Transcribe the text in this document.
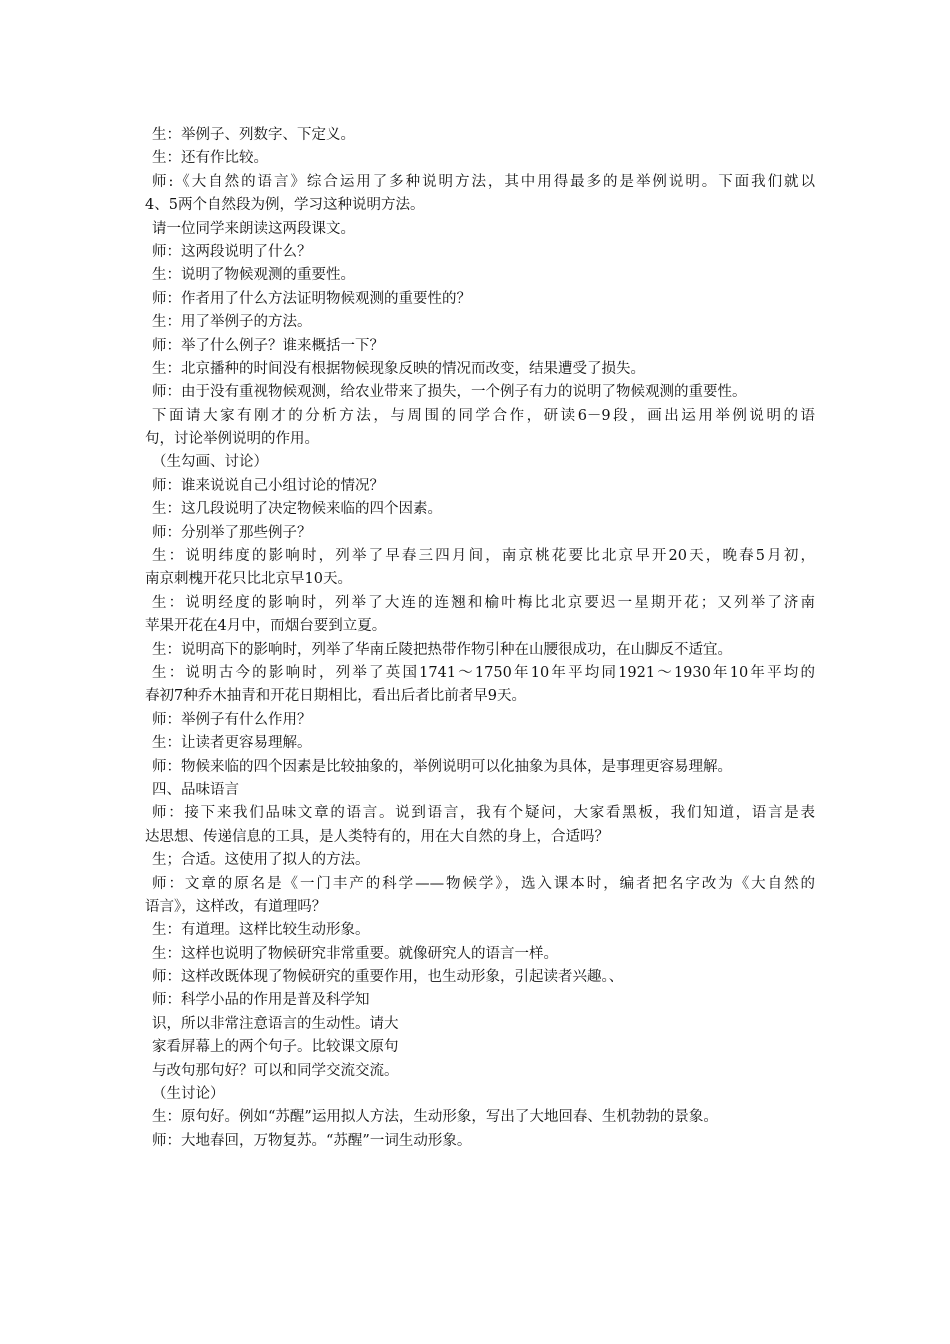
生：举例子、列数字、下定义。
生：还有作比较。
师:《大自然的语言》综合运用了多种说明方法，其中用得最多的是举例说明。下面我们就以
4、5两个自然段为例，学习这种说明方法。
请一位同学来朗读这两段课文。
师：这两段说明了什么？
生：说明了物候观测的重要性。
师：作者用了什么方法证明物候观测的重要性的？
生：用了举例子的方法。
师：举了什么例子？谁来概括一下？
生：北京播种的时间没有根据物候现象反映的情况而改变，结果遭受了损失。
师：由于没有重视物候观测，给农业带来了损失，一个例子有力的说明了物候观测的重要性。
下面请大家有刚才的分析方法，与周围的同学合作，研读6－9段，画出运用举例说明的语
句，讨论举例说明的作用。
（生勾画、讨论）
师：谁来说说自己小组讨论的情况？
生：这几段说明了决定物候来临的四个因素。
师：分别举了那些例子？
生：说明纬度的影响时，列举了早春三四月间，南京桃花要比北京早开20天，晚春5月初，
南京刺槐开花只比北京早10天。
生：说明经度的影响时，列举了大连的连翘和榆叶梅比北京要迟一星期开花；又列举了济南
苹果开花在4月中，而烟台要到立夏。
生：说明高下的影响时，列举了华南丘陵把热带作物引种在山腰很成功，在山脚反不适宜。
生：说明古今的影响时，列举了英国1741～1750年10年平均同1921～1930年10年平均的
春初7种乔木抽青和开花日期相比，看出后者比前者早9天。
师：举例子有什么作用？
生：让读者更容易理解。
师：物候来临的四个因素是比较抽象的，举例说明可以化抽象为具体，是事理更容易理解。
四、品味语言
师：接下来我们品味文章的语言。说到语言，我有个疑问，大家看黑板，我们知道，语言是表
达思想、传递信息的工具，是人类特有的，用在大自然的身上，合适吗？
生；合适。这使用了拟人的方法。
师：文章的原名是《一门丰产的科学——物候学》，选入课本时，编者把名字改为《大自然的
语言》，这样改，有道理吗？
生：有道理。这样比较生动形象。
生：这样也说明了物候研究非常重要。就像研究人的语言一样。
师：这样改既体现了物候研究的重要作用，也生动形象，引起读者兴趣。、
师：科学小品的作用是普及科学知
识，所以非常注意语言的生动性。请大
家看屏幕上的两个句子。比较课文原句
与改句那句好？可以和同学交流交流。
（生讨论）
生：原句好。例如“苏醒”运用拟人方法，生动形象，写出了大地回春、生机勃勃的景象。
师：大地春回，万物复苏。“苏醒”一词生动形象。
